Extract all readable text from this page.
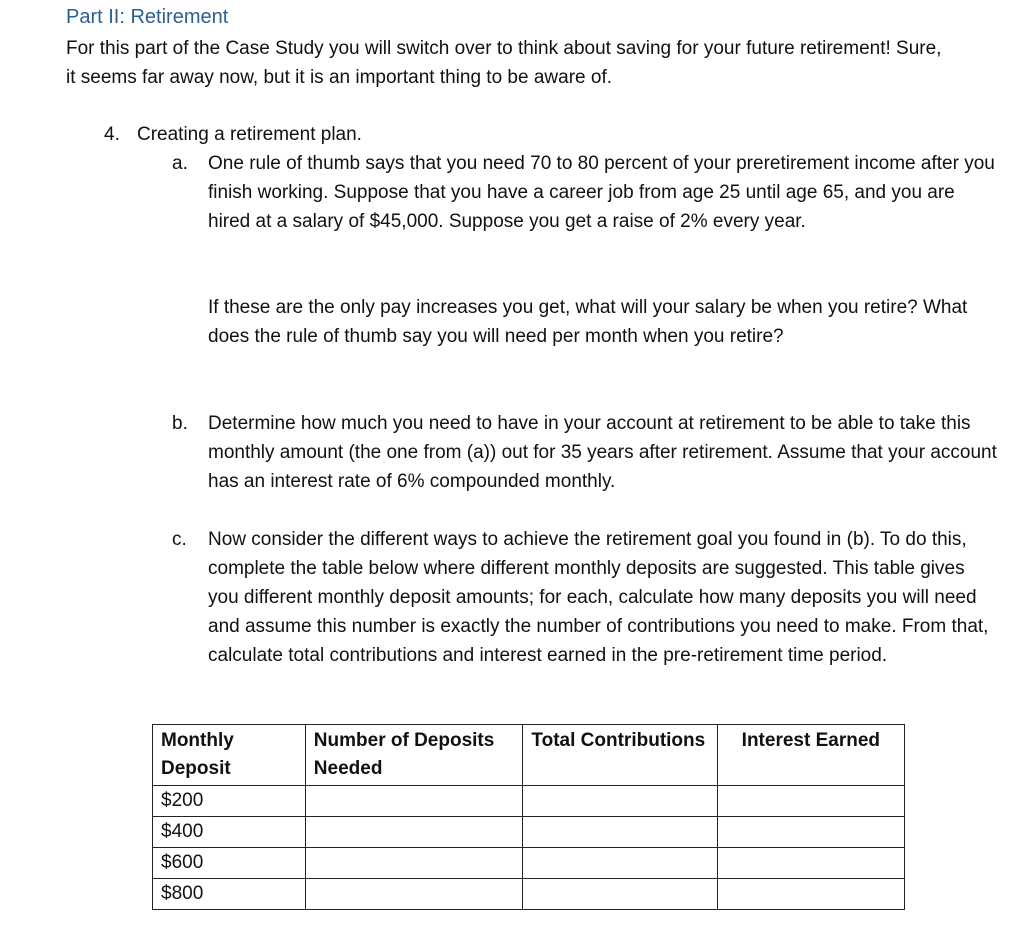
Part II: Retirement

For this part of the Case Study you will switch over to think about saving for your future retirement! Sure, it seems far away now, but it is an important thing to be aware of.

4. Creating a retirement plan.
a. One rule of thumb says that you need 70 to 80 percent of your preretirement income after you finish working. Suppose that you have a career job from age 25 until age 65, and you are hired at a salary of $45,000. Suppose you get a raise of 2% every year.

If these are the only pay increases you get, what will your salary be when you retire? What does the rule of thumb say you will need per month when you retire?

b. Determine how much you need to have in your account at retirement to be able to take this monthly amount (the one from (a)) out for 35 years after retirement. Assume that your account has an interest rate of 6% compounded monthly.

c. Now consider the different ways to achieve the retirement goal you found in (b). To do this, complete the table below where different monthly deposits are suggested. This table gives you different monthly deposit amounts; for each, calculate how many deposits you will need and assume this number is exactly the number of contributions you need to make. From that, calculate total contributions and interest earned in the pre-retirement time period.

Monthly Deposit	Number of Deposits Needed	Total Contributions	Interest Earned
$200			
$400			
$600			
$800			
